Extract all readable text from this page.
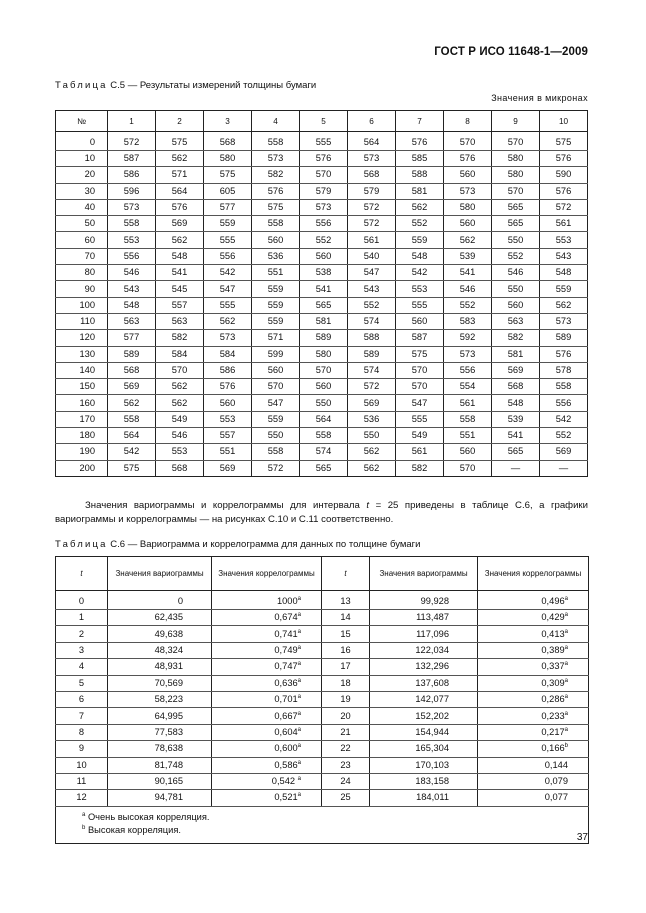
ГОСТ Р ИСО 11648-1—2009
Таблица С.5 — Результаты измерений толщины бумаги
Значения в микронах
№	1	2	3	4	5	6	7	8	9	10
0	572	575	568	558	555	564	576	570	570	575
10	587	562	580	573	576	573	585	576	580	576
20	586	571	575	582	570	568	588	560	580	590
30	596	564	605	576	579	579	581	573	570	576
40	573	576	577	575	573	572	562	580	565	572
50	558	569	559	558	556	572	552	560	565	561
60	553	562	555	560	552	561	559	562	550	553
70	556	548	556	536	560	540	548	539	552	543
80	546	541	542	551	538	547	542	541	546	548
90	543	545	547	559	541	543	553	546	550	559
100	548	557	555	559	565	552	555	552	560	562
110	563	563	562	559	581	574	560	583	563	573
120	577	582	573	571	589	588	587	592	582	589
130	589	584	584	599	580	589	575	573	581	576
140	568	570	586	560	570	574	570	556	569	578
150	569	562	576	570	560	572	570	554	568	558
160	562	562	560	547	550	569	547	561	548	556
170	558	549	553	559	564	536	555	558	539	542
180	564	546	557	550	558	550	549	551	541	552
190	542	553	551	558	574	562	561	560	565	569
200	575	568	569	572	565	562	582	570	—	—
Значения вариограммы и коррелограммы для интервала t = 25 приведены в таблице С.6, а графики вариограммы и коррелограммы — на рисунках С.10 и С.11 соответственно.
Таблица С.6 — Вариограмма и коррелограмма для данных по толщине бумаги
t	Значения вариограммы	Значения коррелограммы	t	Значения вариограммы	Значения коррелограммы
0	0	1000$^a$	13	99,928	0,496$^a$
1	62,435	0,674$^a$	14	113,487	0,429$^a$
2	49,638	0,741$^a$	15	117,096	0,413$^a$
3	48,324	0,749$^a$	16	122,034	0,389$^a$
4	48,931	0,747$^a$	17	132,296	0,337$^a$
5	70,569	0,636$^a$	18	137,608	0,309$^a$
6	58,223	0,701$^a$	19	142,077	0,286$^a$
7	64,995	0,667$^a$	20	152,202	0,233$^a$
8	77,583	0,604$^a$	21	154,944	0,217$^a$
9	78,638	0,600$^a$	22	165,304	0,166$^b$
10	81,748	0,586$^a$	23	170,103	0,144
11	90,165	0,542 $^a$	24	183,158	0,079
12	94,781	0,521$^a$	25	184,011	0,077

$^a$ Очень высокая корреляция.
$^b$ Высокая корреляция.					
37
